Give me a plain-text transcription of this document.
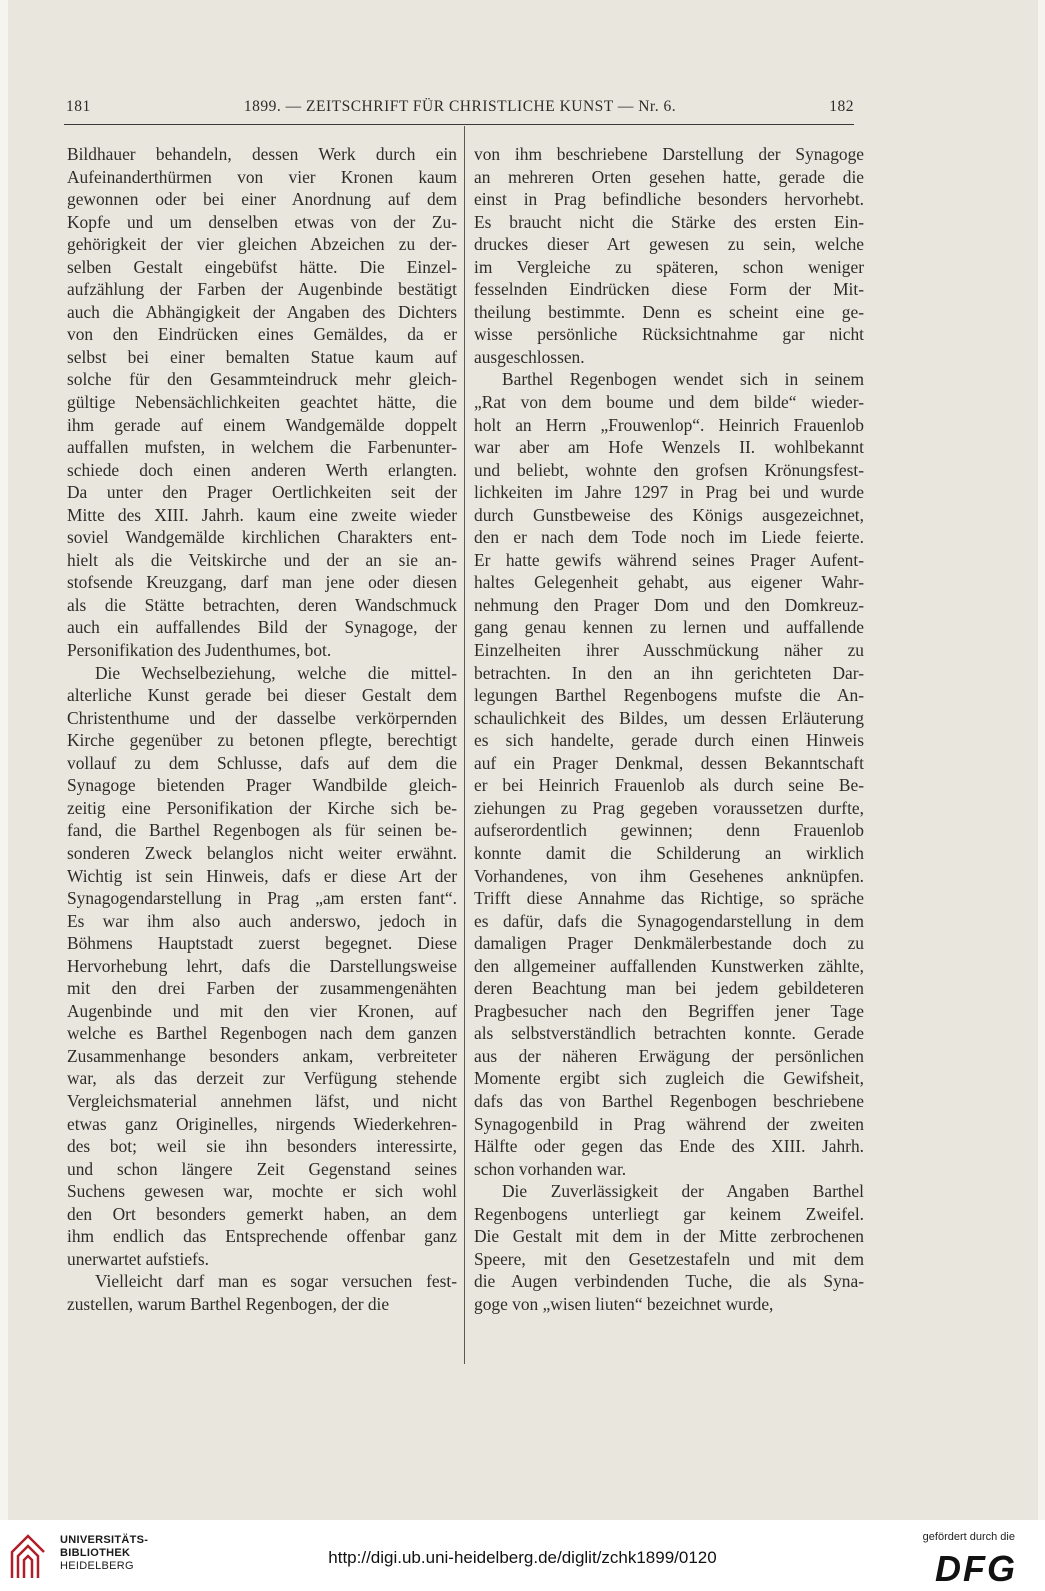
181	1899. — ZEITSCHRIFT FÜR CHRISTLICHE KUNST — Nr. 6.	182
Bildhauer behandeln, dessen Werk durch ein
Aufeinanderthürmen von vier Kronen kaum
gewonnen oder bei einer Anordnung auf dem
Kopfe und um denselben etwas von der Zu-
gehörigkeit der vier gleichen Abzeichen zu der-
selben Gestalt eingebüfst hätte. Die Einzel-
aufzählung der Farben der Augenbinde bestätigt
auch die Abhängigkeit der Angaben des Dichters
von den Eindrücken eines Gemäldes, da er
selbst bei einer bemalten Statue kaum auf
solche für den Gesammteindruck mehr gleich-
gültige Nebensächlichkeiten geachtet hätte, die
ihm gerade auf einem Wandgemälde doppelt
auffallen mufsten, in welchem die Farbenunter-
schiede doch einen anderen Werth erlangten.
Da unter den Prager Oertlichkeiten seit der
Mitte des XIII. Jahrh. kaum eine zweite wieder
soviel Wandgemälde kirchlichen Charakters ent-
hielt als die Veitskirche und der an sie an-
stofsende Kreuzgang, darf man jene oder diesen
als die Stätte betrachten, deren Wandschmuck
auch ein auffallendes Bild der Synagoge, der
Personifikation des Judenthumes, bot.
Die Wechselbeziehung, welche die mittel-
alterliche Kunst gerade bei dieser Gestalt dem
Christenthume und der dasselbe verkörpernden
Kirche gegenüber zu betonen pflegte, berechtigt
vollauf zu dem Schlusse, dafs auf dem die
Synagoge bietenden Prager Wandbilde gleich-
zeitig eine Personifikation der Kirche sich be-
fand, die Barthel Regenbogen als für seinen be-
sonderen Zweck belanglos nicht weiter erwähnt.
Wichtig ist sein Hinweis, dafs er diese Art der
Synagogendarstellung in Prag „am ersten fant“.
Es war ihm also auch anderswo, jedoch in
Böhmens Hauptstadt zuerst begegnet. Diese
Hervorhebung lehrt, dafs die Darstellungsweise
mit den drei Farben der zusammengenähten
Augenbinde und mit den vier Kronen, auf
welche es Barthel Regenbogen nach dem ganzen
Zusammenhange besonders ankam, verbreiteter
war, als das derzeit zur Verfügung stehende
Vergleichsmaterial annehmen läfst, und nicht
etwas ganz Originelles, nirgends Wiederkehren-
des bot; weil sie ihn besonders interessirte,
und schon längere Zeit Gegenstand seines
Suchens gewesen war, mochte er sich wohl
den Ort besonders gemerkt haben, an dem
ihm endlich das Entsprechende offenbar ganz
unerwartet aufstiefs.
Vielleicht darf man es sogar versuchen fest-
zustellen, warum Barthel Regenbogen, der die
von ihm beschriebene Darstellung der Synagoge
an mehreren Orten gesehen hatte, gerade die
einst in Prag befindliche besonders hervorhebt.
Es braucht nicht die Stärke des ersten Ein-
druckes dieser Art gewesen zu sein, welche
im Vergleiche zu späteren, schon weniger
fesselnden Eindrücken diese Form der Mit-
theilung bestimmte. Denn es scheint eine ge-
wisse persönliche Rücksichtnahme gar nicht
ausgeschlossen.
Barthel Regenbogen wendet sich in seinem
„Rat von dem boume und dem bilde“ wieder-
holt an Herrn „Frouwenlop“. Heinrich Frauenlob
war aber am Hofe Wenzels II. wohlbekannt
und beliebt, wohnte den grofsen Krönungsfest-
lichkeiten im Jahre 1297 in Prag bei und wurde
durch Gunstbeweise des Königs ausgezeichnet,
den er nach dem Tode noch im Liede feierte.
Er hatte gewifs während seines Prager Aufent-
haltes Gelegenheit gehabt, aus eigener Wahr-
nehmung den Prager Dom und den Domkreuz-
gang genau kennen zu lernen und auffallende
Einzelheiten ihrer Ausschmückung näher zu
betrachten. In den an ihn gerichteten Dar-
legungen Barthel Regenbogens mufste die An-
schaulichkeit des Bildes, um dessen Erläuterung
es sich handelte, gerade durch einen Hinweis
auf ein Prager Denkmal, dessen Bekanntschaft
er bei Heinrich Frauenlob als durch seine Be-
ziehungen zu Prag gegeben voraussetzen durfte,
aufserordentlich gewinnen; denn Frauenlob
konnte damit die Schilderung an wirklich
Vorhandenes, von ihm Gesehenes anknüpfen.
Trifft diese Annahme das Richtige, so spräche
es dafür, dafs die Synagogendarstellung in dem
damaligen Prager Denkmälerbestande doch zu
den allgemeiner auffallenden Kunstwerken zählte,
deren Beachtung man bei jedem gebildeteren
Pragbesucher nach den Begriffen jener Tage
als selbstverständlich betrachten konnte. Gerade
aus der näheren Erwägung der persönlichen
Momente ergibt sich zugleich die Gewifsheit,
dafs das von Barthel Regenbogen beschriebene
Synagogenbild in Prag während der zweiten
Hälfte oder gegen das Ende des XIII. Jahrh.
schon vorhanden war.
Die Zuverlässigkeit der Angaben Barthel
Regenbogens unterliegt gar keinem Zweifel.
Die Gestalt mit dem in der Mitte zerbrochenen
Speere, mit den Gesetzestafeln und mit dem
die Augen verbindenden Tuche, die als Syna-
goge von „wisen liuten“ bezeichnet wurde,
UNIVERSITÄTS-
BIBLIOTHEK
HEIDELBERG	http://digi.ub.uni-heidelberg.de/diglit/zchk1899/0120
gefördert durch die
DFG
